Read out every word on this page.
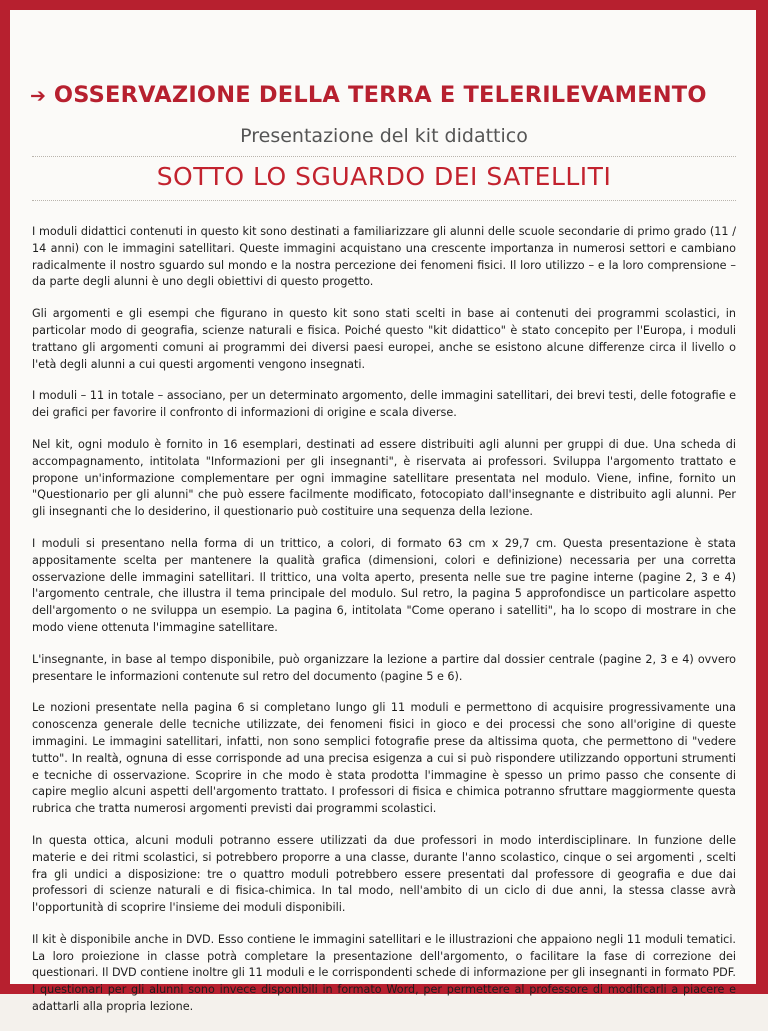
➔ OSSERVAZIONE DELLA TERRA E TELERILEVAMENTO
Presentazione del kit didattico
SOTTO LO SGUARDO DEI SATELLITI

I moduli didattici contenuti in questo kit sono destinati a familiarizzare gli alunni delle scuole secondarie di primo grado (11 / 14 anni) con le immagini satellitari. Queste immagini acquistano una crescente importanza in numerosi settori e cambiano radicalmente il nostro sguardo sul mondo e la nostra percezione dei fenomeni fisici. Il loro utilizzo – e la loro comprensione – da parte degli alunni è uno degli obiettivi di questo progetto.

Gli argomenti e gli esempi che figurano in questo kit sono stati scelti in base ai contenuti dei programmi scolastici, in particolar modo di geografia, scienze naturali e fisica. Poiché questo "kit didattico" è stato concepito per l'Europa, i moduli trattano gli argomenti comuni ai programmi dei diversi paesi europei, anche se esistono alcune differenze circa il livello o l'età degli alunni a cui questi argomenti vengono insegnati.

I moduli – 11 in totale – associano, per un determinato argomento, delle immagini satellitari, dei brevi testi, delle fotografie e dei grafici per favorire il confronto di informazioni di origine e scala diverse.

Nel kit, ogni modulo è fornito in 16 esemplari, destinati ad essere distribuiti agli alunni per gruppi di due. Una scheda di accompagnamento, intitolata "Informazioni per gli insegnanti", è riservata ai professori. Sviluppa l'argomento trattato e propone un'informazione complementare per ogni immagine satellitare presentata nel modulo. Viene, infine, fornito un "Questionario per gli alunni" che può essere facilmente modificato, fotocopiato dall'insegnante e distribuito agli alunni. Per gli insegnanti che lo desiderino, il questionario può costituire una sequenza della lezione.

I moduli si presentano nella forma di un trittico, a colori, di formato 63 cm x 29,7 cm. Questa presentazione è stata appositamente scelta per mantenere la qualità grafica (dimensioni, colori e definizione) necessaria per una corretta osservazione delle immagini satellitari. Il trittico, una volta aperto, presenta nelle sue tre pagine interne (pagine 2, 3 e 4) l'argomento centrale, che illustra il tema principale del modulo. Sul retro, la pagina 5 approfondisce un particolare aspetto dell'argomento o ne sviluppa un esempio. La pagina 6, intitolata "Come operano i satelliti", ha lo scopo di mostrare in che modo viene ottenuta l'immagine satellitare.

L'insegnante, in base al tempo disponibile, può organizzare la lezione a partire dal dossier centrale (pagine 2, 3 e 4) ovvero presentare le informazioni contenute sul retro del documento (pagine 5 e 6).

Le nozioni presentate nella pagina 6 si completano lungo gli 11 moduli e permettono di acquisire progressivamente una conoscenza generale delle tecniche utilizzate, dei fenomeni fisici in gioco e dei processi che sono all'origine di queste immagini. Le immagini satellitari, infatti, non sono semplici fotografie prese da altissima quota, che permettono di "vedere tutto". In realtà, ognuna di esse corrisponde ad una precisa esigenza a cui si può rispondere utilizzando opportuni strumenti e tecniche di osservazione. Scoprire in che modo è stata prodotta l'immagine è spesso un primo passo che consente di capire meglio alcuni aspetti dell'argomento trattato. I professori di fisica e chimica potranno sfruttare maggiormente questa rubrica che tratta numerosi argomenti previsti dai programmi scolastici.

In questa ottica, alcuni moduli potranno essere utilizzati da due professori in modo interdisciplinare. In funzione delle materie e dei ritmi scolastici, si potrebbero proporre a una classe, durante l'anno scolastico, cinque o sei argomenti , scelti fra gli undici a disposizione: tre o quattro moduli potrebbero essere presentati dal professore di geografia e due dai professori di scienze naturali e di fisica-chimica. In tal modo, nell'ambito di un ciclo di due anni, la stessa classe avrà l'opportunità di scoprire l'insieme dei moduli disponibili.

Il kit è disponibile anche in DVD. Esso contiene le immagini satellitari e le illustrazioni che appaiono negli 11 moduli tematici. La loro proiezione in classe potrà completare la presentazione dell'argomento, o facilitare la fase di correzione dei questionari. Il DVD contiene inoltre gli 11 moduli e le corrispondenti schede di informazione per gli insegnanti in formato PDF. I questionari per gli alunni sono invece disponibili in formato Word, per permettere al professore di modificarli a piacere e adattarli alla propria lezione.
